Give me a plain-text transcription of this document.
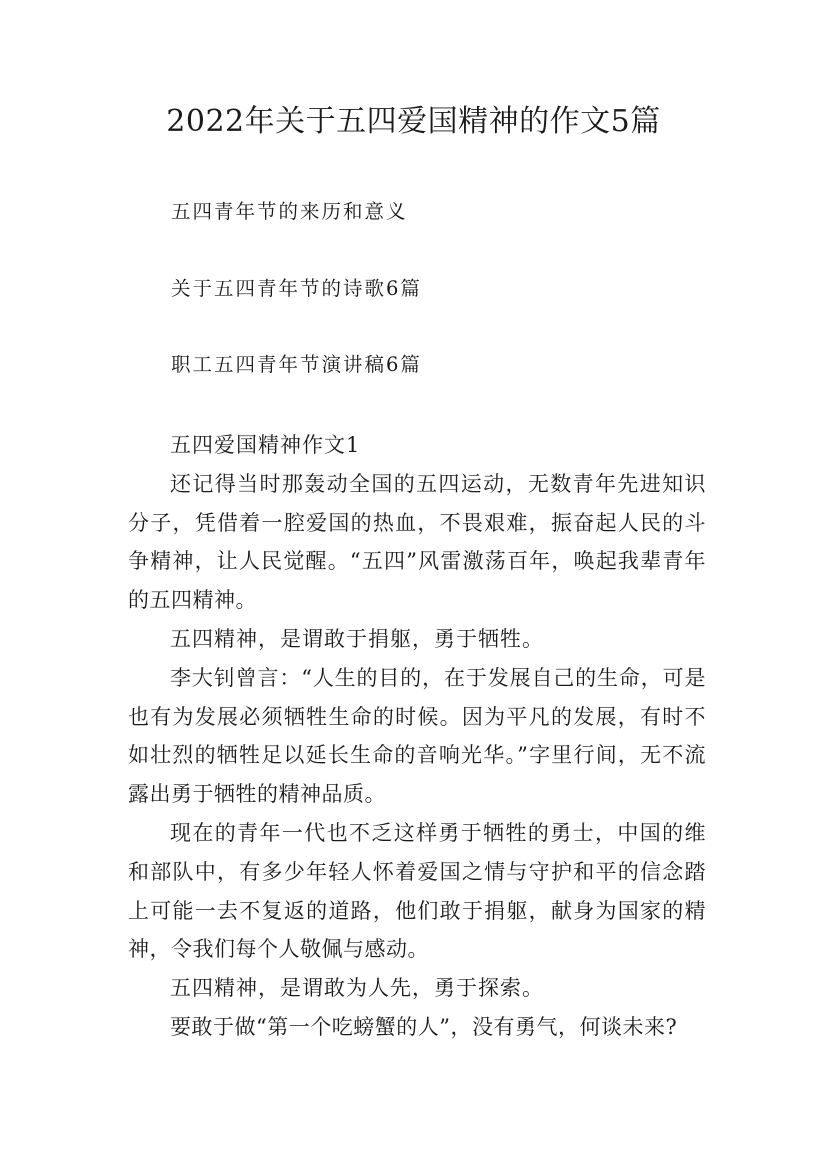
2022年关于五四爱国精神的作文5篇
五四青年节的来历和意义
关于五四青年节的诗歌6篇
职工五四青年节演讲稿6篇

五四爱国精神作文1

还记得当时那轰动全国的五四运动，无数青年先进知识分子，凭借着一腔爱国的热血，不畏艰难，振奋起人民的斗争精神，让人民觉醒。“五四”风雷激荡百年，唤起我辈青年的五四精神。

五四精神，是谓敢于捐躯，勇于牺牲。

李大钊曾言：“人生的目的，在于发展自己的生命，可是也有为发展必须牺牲生命的时候。因为平凡的发展，有时不如壮烈的牺牲足以延长生命的音响光华。”字里行间，无不流露出勇于牺牲的精神品质。

现在的青年一代也不乏这样勇于牺牲的勇士，中国的维和部队中，有多少年轻人怀着爱国之情与守护和平的信念踏上可能一去不复返的道路，他们敢于捐躯，献身为国家的精神，令我们每个人敬佩与感动。

五四精神，是谓敢为人先，勇于探索。

要敢于做“第一个吃螃蟹的人”，没有勇气，何谈未来?
